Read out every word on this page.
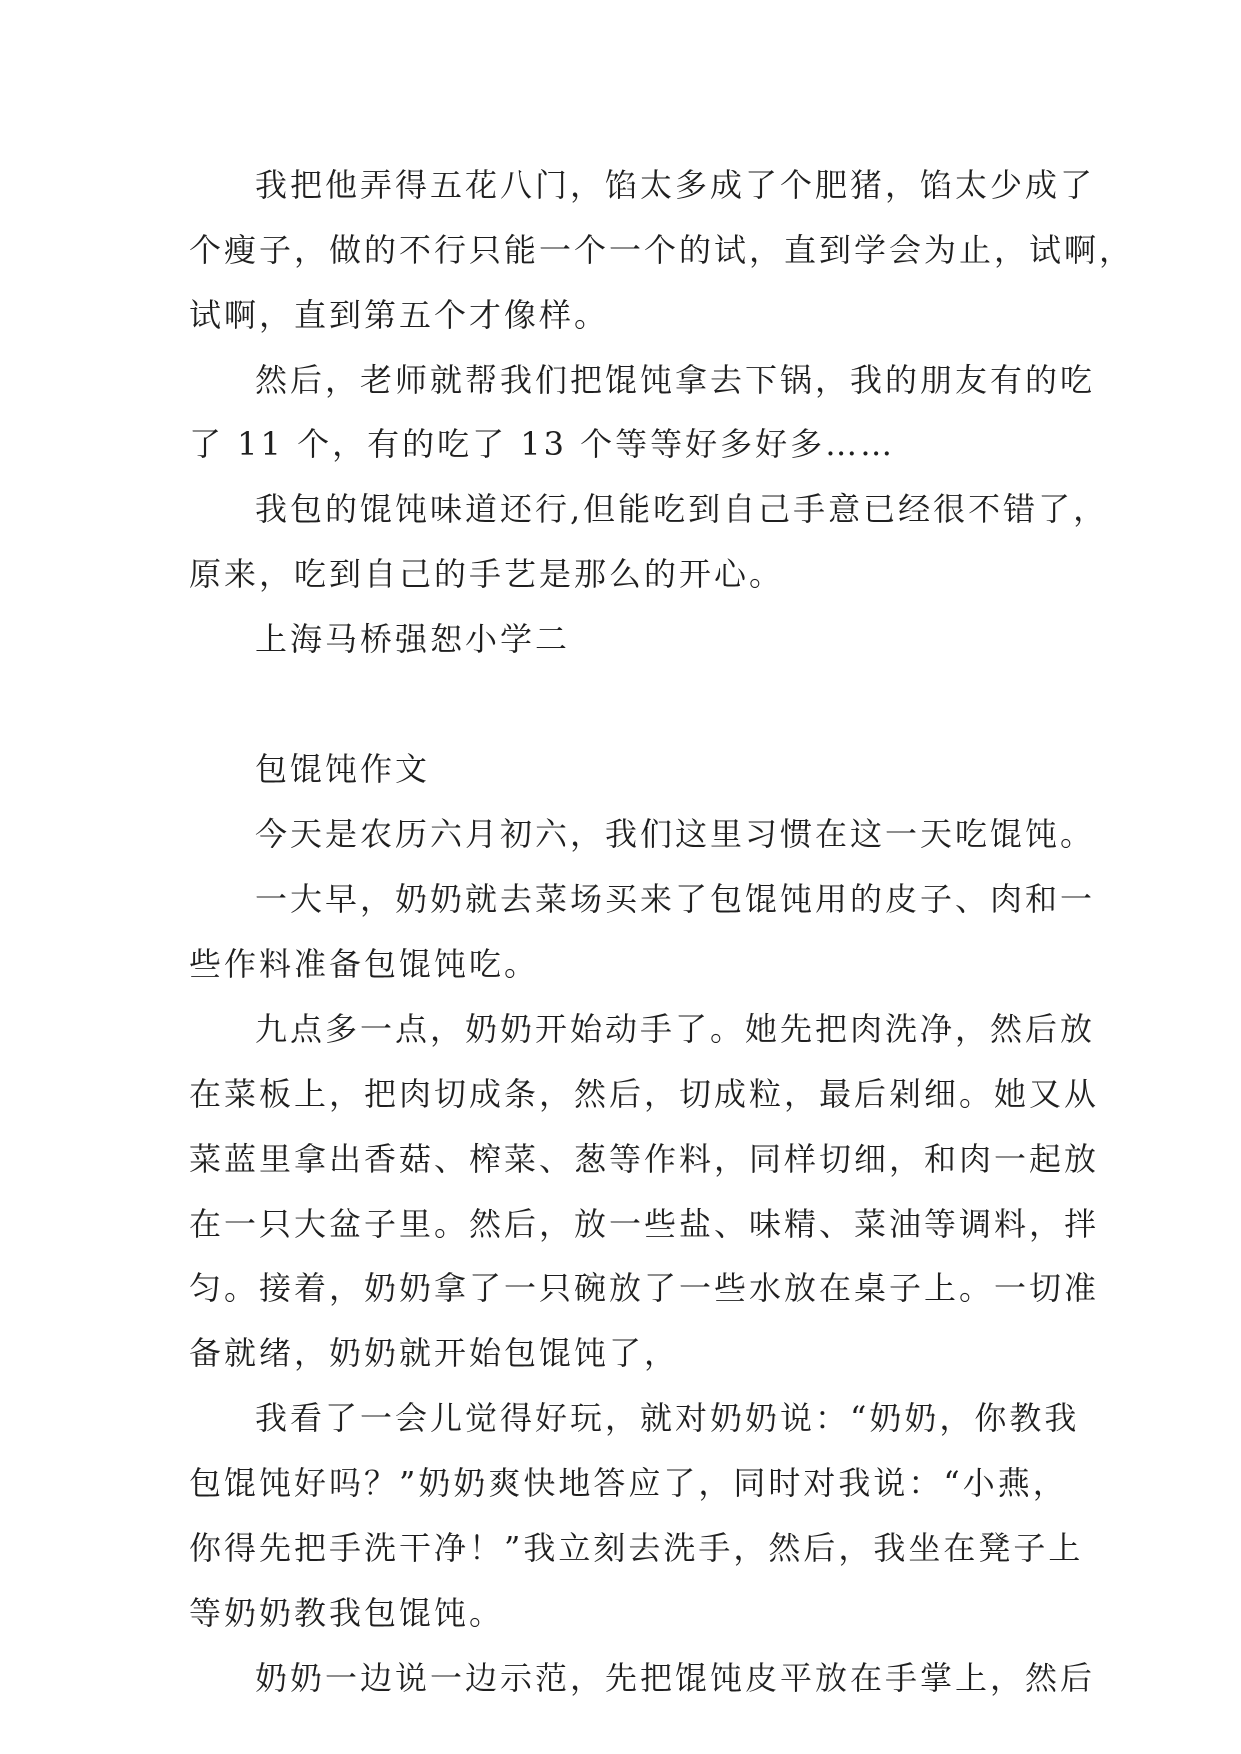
我把他弄得五花八门，馅太多成了个肥猪，馅太少成了

个瘦子，做的不行只能一个一个的试，直到学会为止，试啊，

试啊，直到第五个才像样。

然后，老师就帮我们把馄饨拿去下锅，我的朋友有的吃

了 11 个，有的吃了 13 个等等好多好多……

我包的馄饨味道还行,但能吃到自己手意已经很不错了，

原来，吃到自己的手艺是那么的开心。

上海马桥强恕小学二

包馄饨作文

今天是农历六月初六，我们这里习惯在这一天吃馄饨。

一大早，奶奶就去菜场买来了包馄饨用的皮子、肉和一

些作料准备包馄饨吃。

九点多一点，奶奶开始动手了。她先把肉洗净，然后放

在菜板上，把肉切成条，然后，切成粒，最后剁细。她又从

菜蓝里拿出香菇、榨菜、葱等作料，同样切细，和肉一起放

在一只大盆子里。然后，放一些盐、味精、菜油等调料，拌

匀。接着，奶奶拿了一只碗放了一些水放在桌子上。一切准

备就绪，奶奶就开始包馄饨了，

我看了一会儿觉得好玩，就对奶奶说：“奶奶，你教我

包馄饨好吗？”奶奶爽快地答应了，同时对我说：“小燕，

你得先把手洗干净！”我立刻去洗手，然后，我坐在凳子上

等奶奶教我包馄饨。

奶奶一边说一边示范，先把馄饨皮平放在手掌上，然后
